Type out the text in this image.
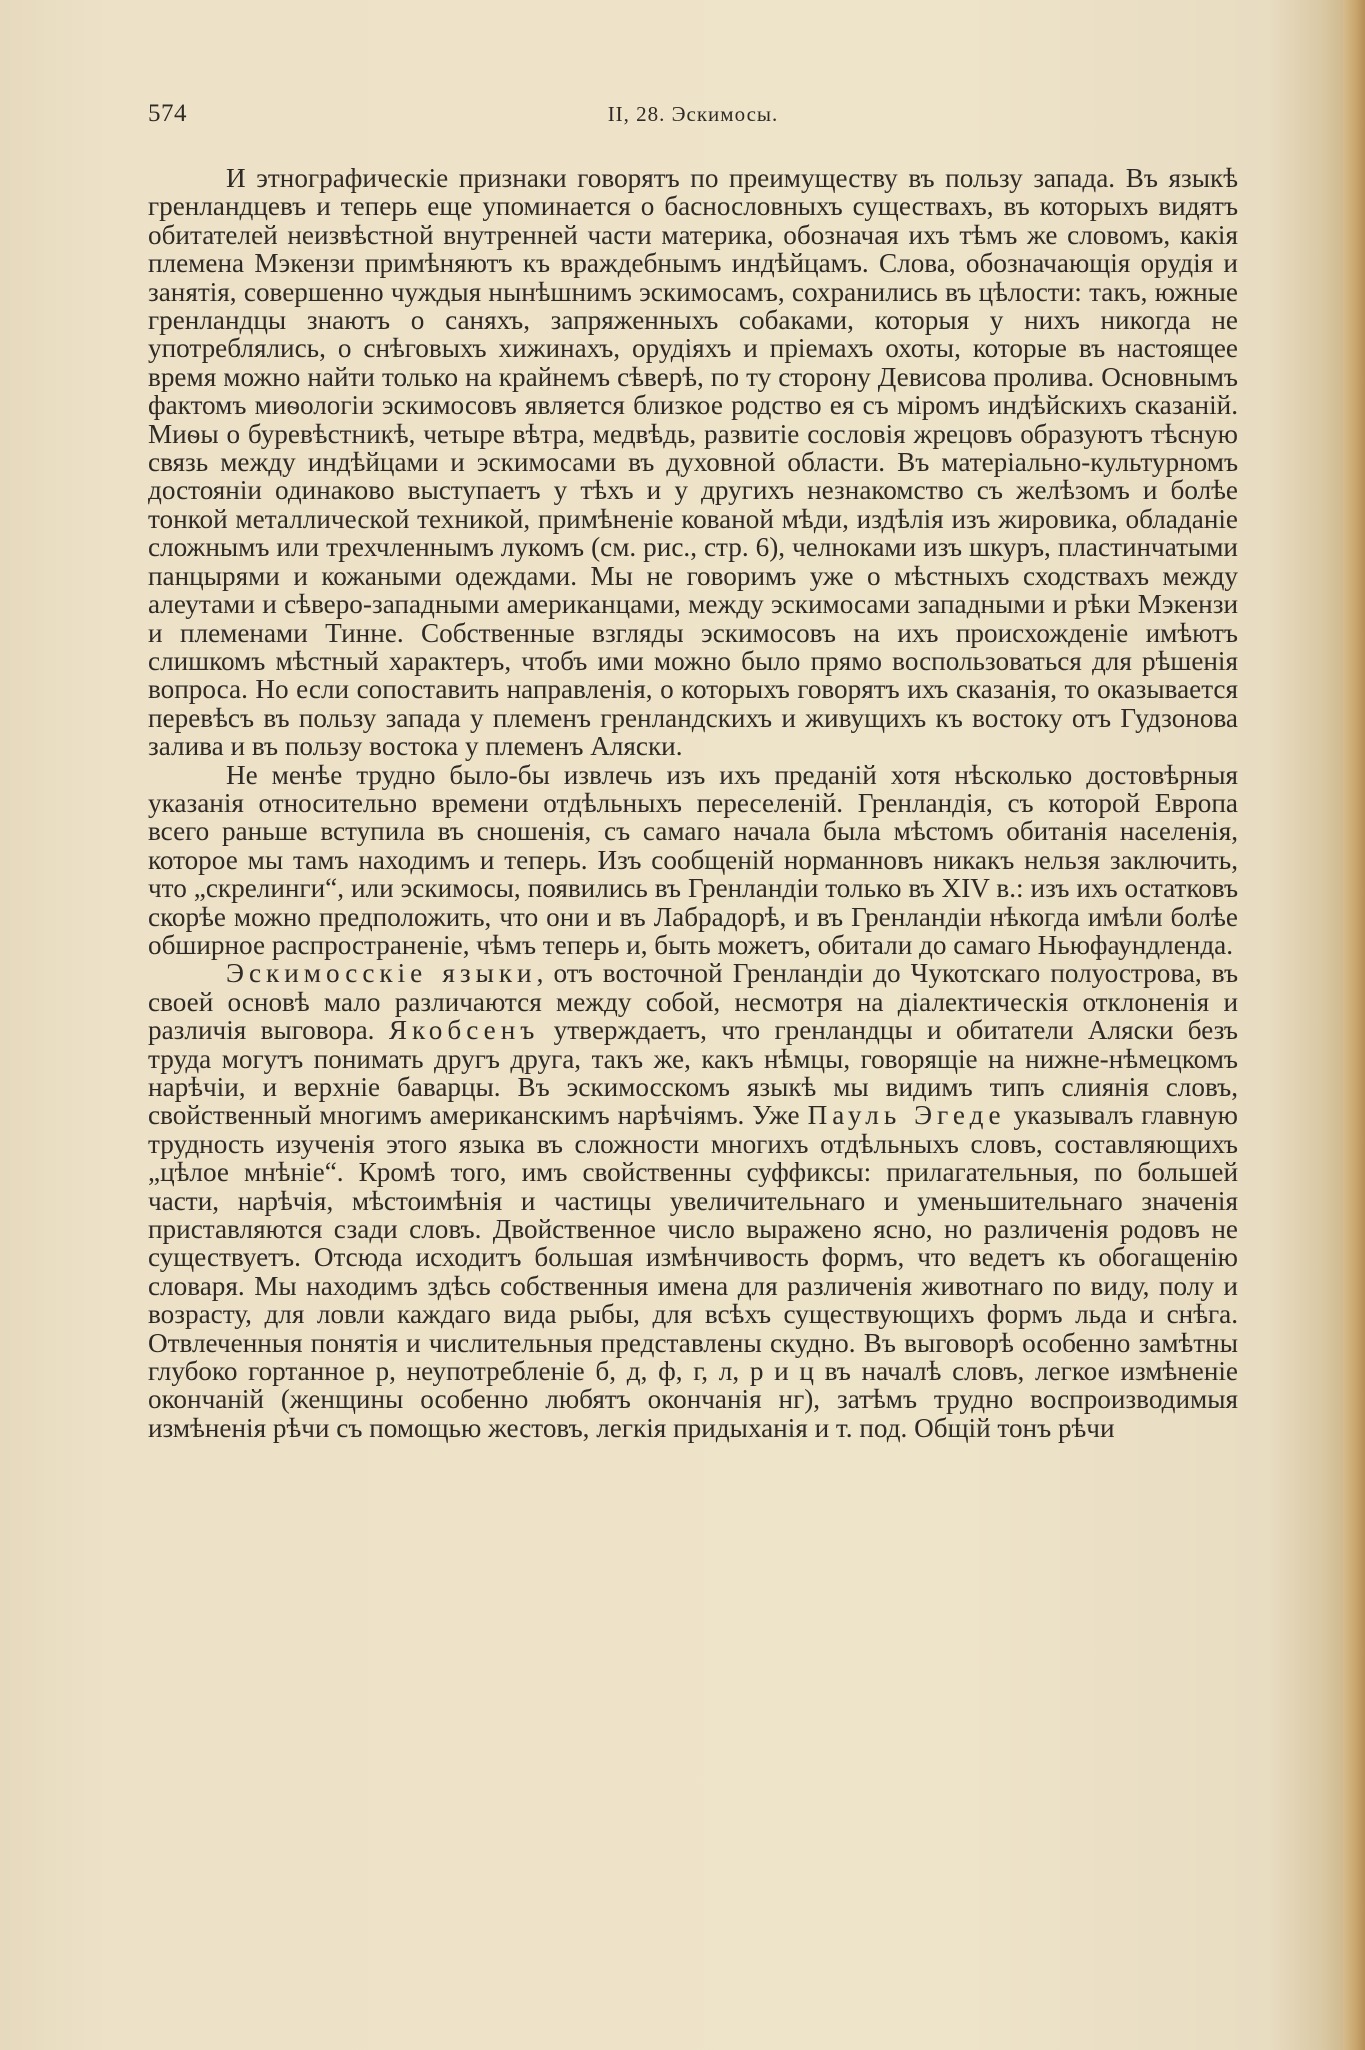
574	II, 28. Эскимосы.

И этнографическіе признаки говорятъ по преимуществу въ пользу запада. Въ языкѣ гренландцевъ и теперь еще упоминается о баснословныхъ существахъ, въ которыхъ видятъ обитателей неизвѣстной внутренней части материка, обозначая ихъ тѣмъ же словомъ, какія племена Мэкензи примѣняютъ къ враждебнымъ индѣйцамъ. Слова, обозначающія орудія и занятія, совершенно чуждыя нынѣшнимъ эскимосамъ, сохранились въ цѣлости: такъ, южные гренландцы знаютъ о саняхъ, запряженныхъ собаками, которыя у нихъ никогда не употреблялись, о снѣговыхъ хижинахъ, орудіяхъ и пріемахъ охоты, которые въ настоящее время можно найти только на крайнемъ сѣверѣ, по ту сторону Девисова пролива. Основнымъ фактомъ миѳологіи эскимосовъ является близкое родство ея съ міромъ индѣйскихъ сказаній. Миѳы о буревѣстникѣ, четыре вѣтра, медвѣдь, развитіе сословія жрецовъ образуютъ тѣсную связь между индѣйцами и эскимосами въ духовной области. Въ матеріально-культурномъ достояніи одинаково выступаетъ у тѣхъ и у другихъ незнакомство съ желѣзомъ и болѣе тонкой металлической техникой, примѣненіе кованой мѣди, издѣлія изъ жировика, обладаніе сложнымъ или трехчленнымъ лукомъ (см. рис., стр. 6), челноками изъ шкуръ, пластинчатыми панцырями и кожаными одеждами. Мы не говоримъ уже о мѣстныхъ сходствахъ между алеутами и сѣверо-западными американцами, между эскимосами западными и рѣки Мэкензи и племенами Тинне. Собственные взгляды эскимосовъ на ихъ происхожденіе имѣютъ слишкомъ мѣстный характеръ, чтобъ ими можно было прямо воспользоваться для рѣшенія вопроса. Но если сопоставить направленія, о которыхъ говорятъ ихъ сказанія, то оказывается перевѣсъ въ пользу запада у племенъ гренландскихъ и живущихъ къ востоку отъ Гудзонова залива и въ пользу востока у племенъ Аляски.

Не менѣе трудно было-бы извлечь изъ ихъ преданій хотя нѣсколько достовѣрныя указанія относительно времени отдѣльныхъ переселеній. Гренландія, съ которой Европа всего раньше вступила въ сношенія, съ самаго начала была мѣстомъ обитанія населенія, которое мы тамъ находимъ и теперь. Изъ сообщеній норманновъ никакъ нельзя заключить, что „скрелинги“, или эскимосы, появились въ Гренландіи только въ XIV в.: изъ ихъ остатковъ скорѣе можно предположить, что они и въ Лабрадорѣ, и въ Гренландіи нѣкогда имѣли болѣе обширное распространеніе, чѣмъ теперь и, быть можетъ, обитали до самаго Ньюфаундленда.

Эскимосскіе языки, отъ восточной Гренландіи до Чукотскаго полуострова, въ своей основѣ мало различаются между собой, несмотря на діалектическія отклоненія и различія выговора. Якобсенъ утверждаетъ, что гренландцы и обитатели Аляски безъ труда могутъ понимать другъ друга, такъ же, какъ нѣмцы, говорящіе на нижне-нѣмецкомъ нарѣчіи, и верхніе баварцы. Въ эскимосскомъ языкѣ мы видимъ типъ слиянія словъ, свойственный многимъ американскимъ нарѣчіямъ. Уже Пауль Эгеде указывалъ главную трудность изученія этого языка въ сложности многихъ отдѣльныхъ словъ, составляющихъ „цѣлое мнѣніе“. Кромѣ того, имъ свойственны суффиксы: прилагательныя, по большей части, нарѣчія, мѣстоимѣнія и частицы увеличительнаго и уменьшительнаго значенія приставляются сзади словъ. Двойственное число выражено ясно, но различенія родовъ не существуетъ. Отсюда исходитъ большая измѣнчивость формъ, что ведетъ къ обогащенію словаря. Мы находимъ здѣсь собственныя имена для различенія животнаго по виду, полу и возрасту, для ловли каждаго вида рыбы, для всѣхъ существующихъ формъ льда и снѣга. Отвлеченныя понятія и числительныя представлены скудно. Въ выговорѣ особенно замѣтны глубоко гортанное р, неупотребленіе б, д, ф, г, л, р и ц въ началѣ словъ, легкое измѣненіе окончаній (женщины особенно любятъ окончанія нг), затѣмъ трудно воспроизводимыя измѣненія рѣчи съ помощью жестовъ, легкія придыханія и т. под. Общій тонъ рѣчи
